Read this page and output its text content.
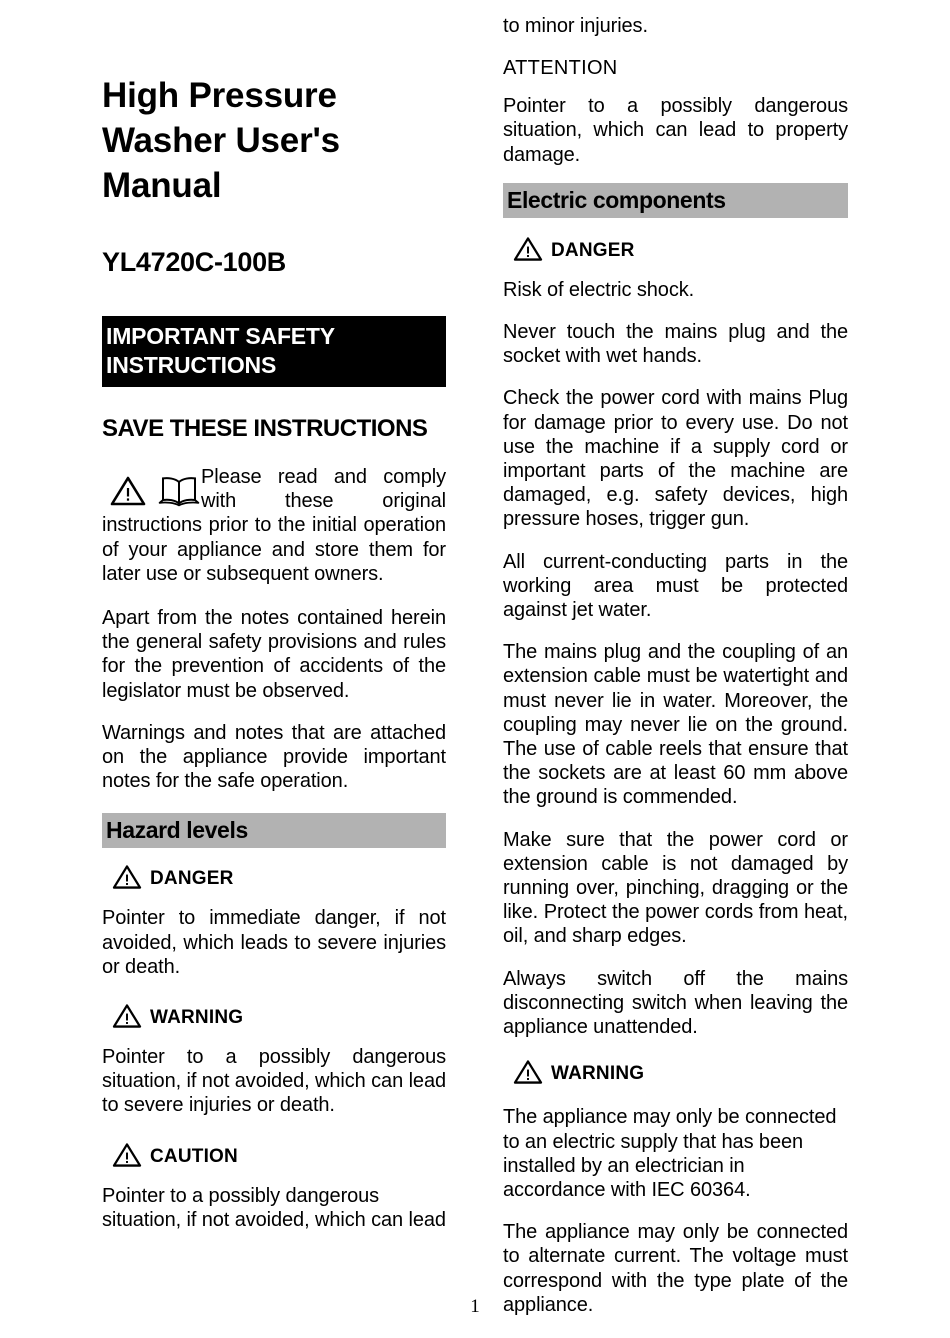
High Pressure
Washer User's
Manual
YL4720C-100B
IMPORTANT SAFETY
INSTRUCTIONS
SAVE THESE INSTRUCTIONS

Please read and comply with these original instructions prior to the initial operation of your appliance and store them for later use or subsequent owners.

Apart from the notes contained herein the general safety provisions and rules for the prevention of accidents of the legislator must be observed.

Warnings and notes that are attached on the appliance provide important notes for the safe operation.

Hazard levels
DANGER

Pointer to immediate danger, if not avoided, which leads to severe injuries or death.

WARNING

Pointer to a possibly dangerous situation, if not avoided, which can lead to severe injuries or death.

CAUTION

Pointer to a possibly dangerous situation, if not avoided, which can lead

to minor injuries.

ATTENTION

Pointer to a possibly dangerous situation, which can lead to property damage.

Electric components
DANGER

Risk of electric shock.

Never touch the mains plug and the socket with wet hands.

Check the power cord with mains Plug for damage prior to every use. Do not use the machine if a supply cord or important parts of the machine are damaged, e.g. safety devices, high pressure hoses, trigger gun.

All current-conducting parts in the working area must be protected against jet water.

The mains plug and the coupling of an extension cable must be watertight and must never lie in water. Moreover, the coupling may never lie on the ground. The use of cable reels that ensure that the sockets are at least 60 mm above the ground is commended.

Make sure that the power cord or extension cable is not damaged by running over, pinching, dragging or the like. Protect the power cords from heat, oil, and sharp edges.

Always switch off the mains disconnecting switch when leaving the appliance unattended.

WARNING

The appliance may only be connected to an electric supply that has been installed by an electrician in accordance with IEC 60364.

The appliance may only be connected to alternate current. The voltage must correspond with the type plate of the appliance.

1
